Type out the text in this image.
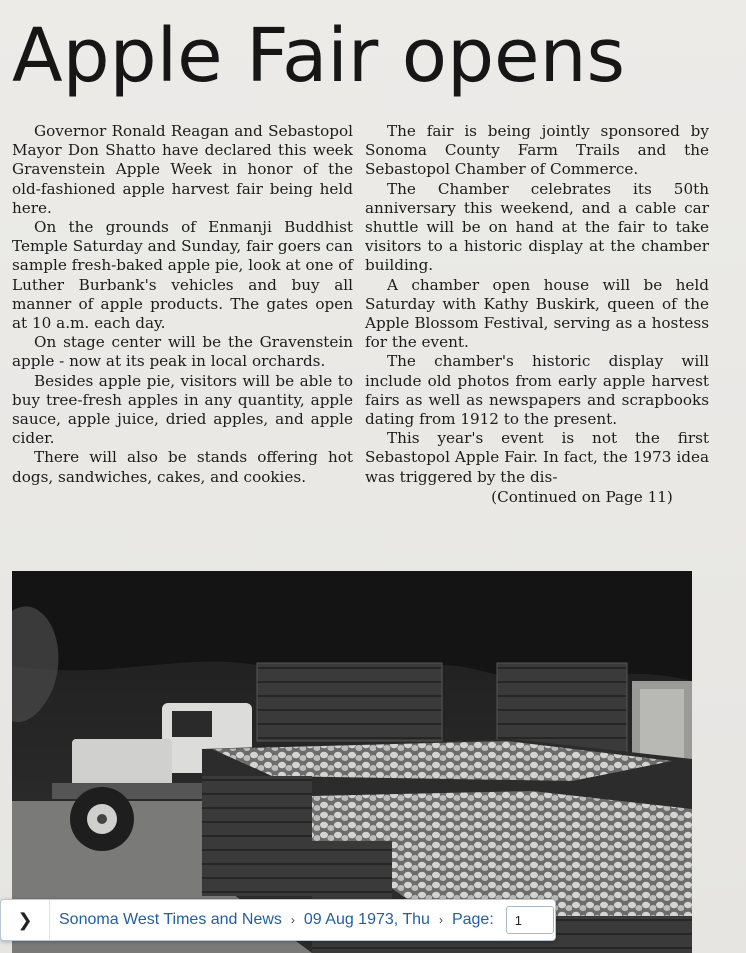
Apple Fair opens

Governor Ronald Reagan and Sebastopol Mayor Don Shatto have declared this week Gravenstein Apple Week in honor of the old-fashioned apple harvest fair being held here.

On the grounds of Enmanji Buddhist Temple Saturday and Sunday, fair goers can sample fresh-baked apple pie, look at one of Luther Burbank's vehicles and buy all manner of apple products. The gates open at 10 a.m. each day.

On stage center will be the Gravenstein apple - now at its peak in local orchards.

Besides apple pie, visitors will be able to buy tree-fresh apples in any quantity, apple sauce, apple juice, dried apples, and apple cider.

There will also be stands offering hot dogs, sandwiches, cakes, and cookies.

The fair is being jointly sponsored by Sonoma County Farm Trails and the Sebastopol Chamber of Commerce.

The Chamber celebrates its 50th anniversary this weekend, and a cable car shuttle will be on hand at the fair to take visitors to a historic display at the chamber building.

A chamber open house will be held Saturday with Kathy Buskirk, queen of the Apple Blossom Festival, serving as a hostess for the event.

The chamber's historic display will include old photos from early apple harvest fairs as well as newspapers and scrapbooks dating from 1912 to the present.

This year's event is not the first Sebastopol Apple Fair. In fact, the 1973 idea was triggered by the dis-

(Continued on Page 11)

❯ Sonoma West Times and News › 09 Aug 1973, Thu › Page:
1
